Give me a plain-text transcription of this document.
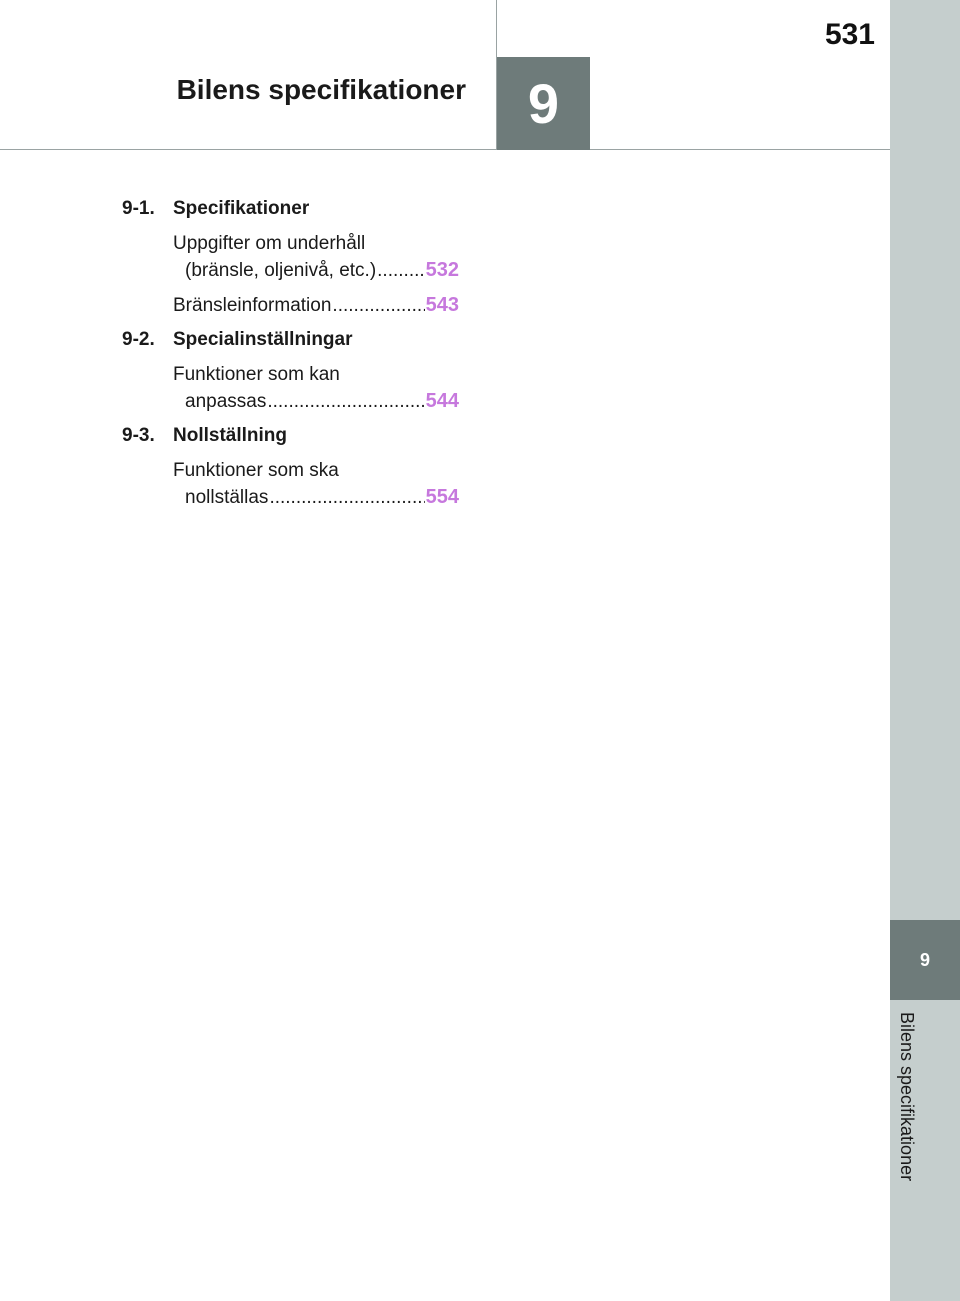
9
Bilens specifikationer
531
Bilens specifikationer 9
9-1. Specifikationer
Uppgifter om underhåll
(bränsle, oljenivå, etc.) ..... 532
Bränsleinformation .....	543
9-2. Specialinställningar
Funktioner som kan
anpassas .....	544
9-3. Nollställning
Funktioner som ska
nollställas .....	554
